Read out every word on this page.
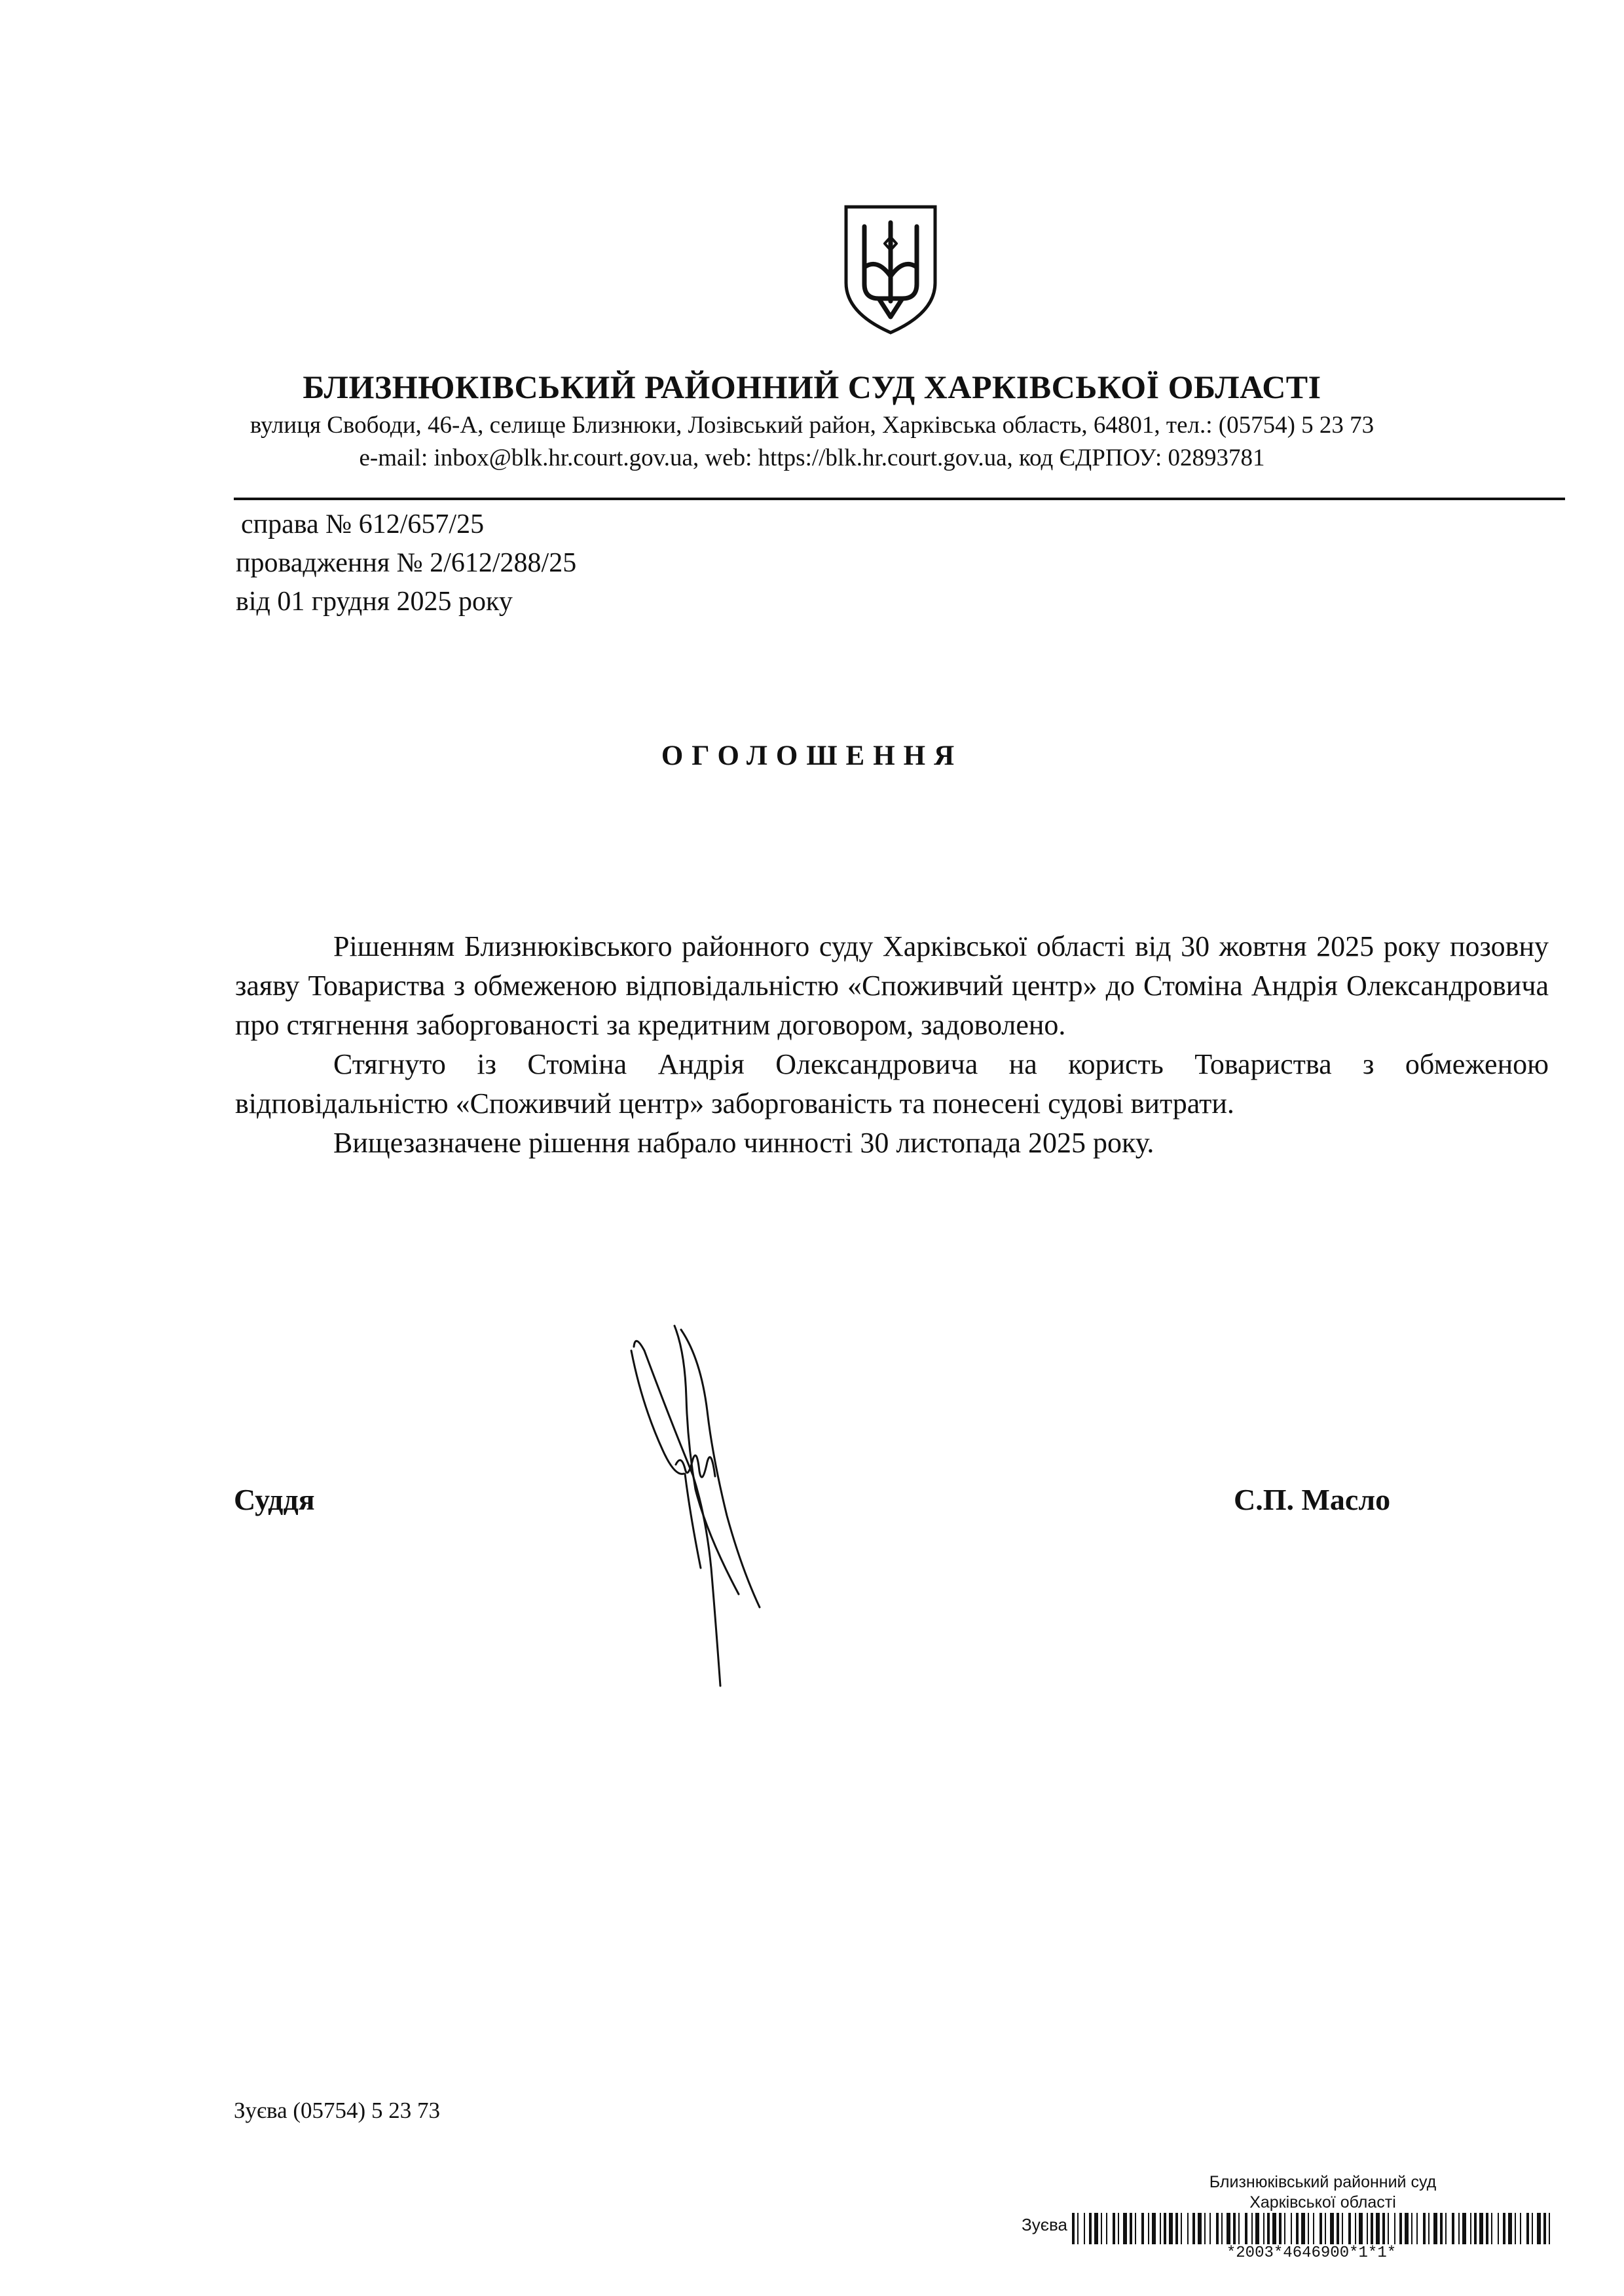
БЛИЗНЮКІВСЬКИЙ РАЙОННИЙ СУД ХАРКІВСЬКОЇ ОБЛАСТІ
вулиця Свободи, 46-А, селище Близнюки, Лозівський район, Харківська область, 64801, тел.: (05754) 5 23 73
e-mail: inbox@blk.hr.court.gov.ua, web: https://blk.hr.court.gov.ua, код ЄДРПОУ: 02893781
справа № 612/657/25
провадження № 2/612/288/25
від 01 грудня 2025 року
ОГОЛОШЕННЯ

Рішенням Близнюківського районного суду Харківської області від 30 жовтня 2025 року позовну заяву Товариства з обмеженою відповідальністю «Споживчий центр» до Стоміна Андрія Олександровича про стягнення заборгованості за кредитним договором, задоволено.

Стягнуто із Стоміна Андрія Олександровича на користь Товариства з обмеженою відповідальністю «Споживчий центр» заборгованість та понесені судові витрати.

Вищезазначене рішення набрало чинності 30 листопада 2025 року.

Суддя	С.П. Масло
Зуєва (05754) 5 23 73
Близнюківський районний суд
Харківської області
Зуєва
*2003*4646900*1*1*
